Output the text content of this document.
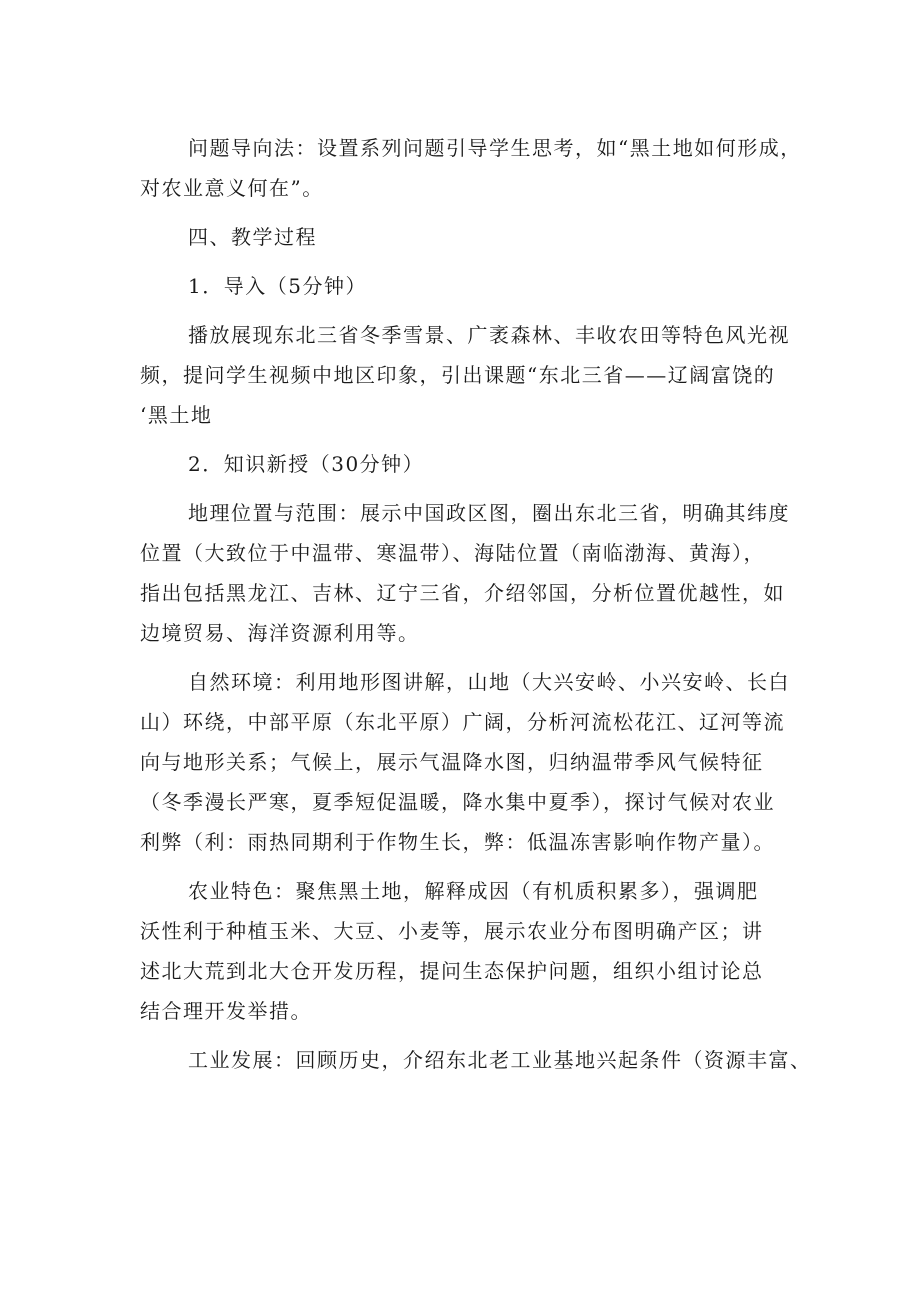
问题导向法：设置系列问题引导学生思考，如“黑土地如何形成，
对农业意义何在”。
四、教学过程
1．导入（5分钟）
播放展现东北三省冬季雪景、广袤森林、丰收农田等特色风光视
频，提问学生视频中地区印象，引出课题“东北三省——辽阔富饶的
‘黑土地
2．知识新授（30分钟）
地理位置与范围：展示中国政区图，圈出东北三省，明确其纬度
位置（大致位于中温带、寒温带）、海陆位置（南临渤海、黄海），
指出包括黑龙江、吉林、辽宁三省，介绍邻国，分析位置优越性，如
边境贸易、海洋资源利用等。
自然环境：利用地形图讲解，山地（大兴安岭、小兴安岭、长白
山）环绕，中部平原（东北平原）广阔，分析河流松花江、辽河等流
向与地形关系；气候上，展示气温降水图，归纳温带季风气候特征
（冬季漫长严寒，夏季短促温暖，降水集中夏季），探讨气候对农业
利弊（利：雨热同期利于作物生长，弊：低温冻害影响作物产量）。
农业特色：聚焦黑土地，解释成因（有机质积累多），强调肥
沃性利于种植玉米、大豆、小麦等，展示农业分布图明确产区；讲
述北大荒到北大仓开发历程，提问生态保护问题，组织小组讨论总
结合理开发举措。
工业发展：回顾历史，介绍东北老工业基地兴起条件（资源丰富、
